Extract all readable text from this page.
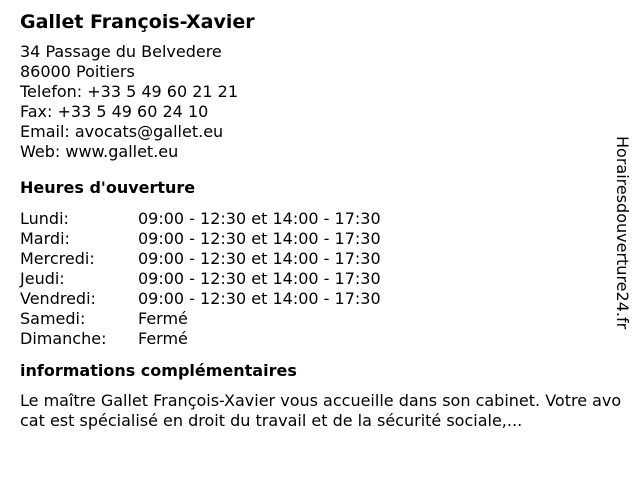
Gallet François-Xavier
34 Passage du Belvedere
86000 Poitiers
Telefon: +33 5 49 60 21 21
Fax: +33 5 49 60 24 10
Email: avocats@gallet.eu
Web: www.gallet.eu
Heures d'ouverture
Lundi:	09:00 - 12:30 et 14:00 - 17:30
Mardi:	09:00 - 12:30 et 14:00 - 17:30
Mercredi:	09:00 - 12:30 et 14:00 - 17:30
Jeudi:	09:00 - 12:30 et 14:00 - 17:30
Vendredi:	09:00 - 12:30 et 14:00 - 17:30
Samedi:	Fermé
Dimanche:	Fermé
informations complémentaires
Le maître Gallet François-Xavier vous accueille dans son cabinet. Votre avocat est spécialisé en droit du travail et de la sécurité sociale,...
Horairesdouverture24.fr
